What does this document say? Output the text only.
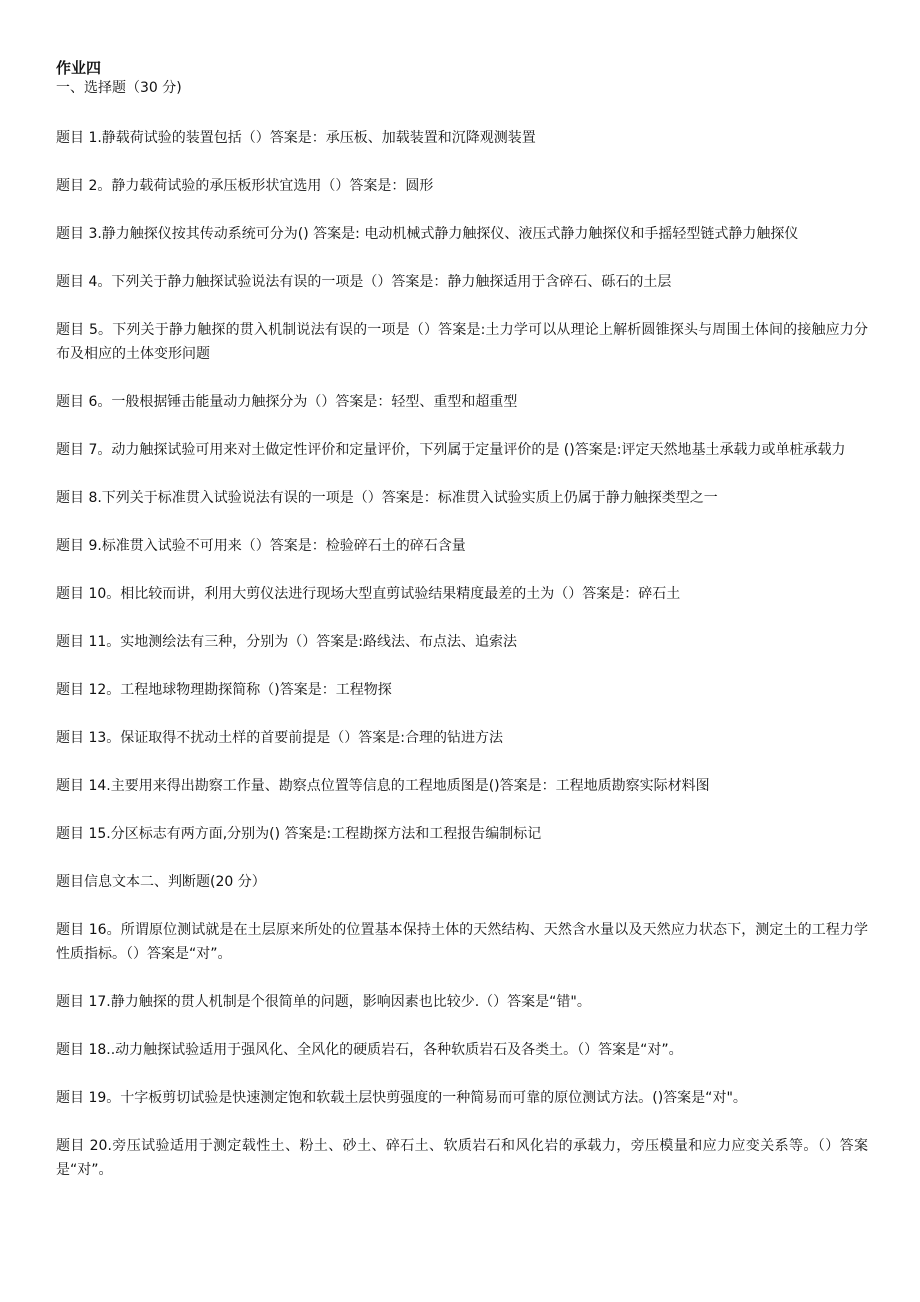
作业四

一、选择题（30 分)

题目 1.静载荷试验的装置包括（）答案是：承压板、加载装置和沉降观测装置

题目 2。静力载荷试验的承压板形状宜选用（）答案是：圆形

题目 3.静力触探仪按其传动系统可分为() 答案是: 电动机械式静力触探仪、液压式静力触探仪和手摇轻型链式静力触探仪

题目 4。下列关于静力触探试验说法有误的一项是（）答案是：静力触探适用于含碎石、砾石的土层

题目 5。下列关于静力触探的贯入机制说法有误的一项是（）答案是:土力学可以从理论上解析圆锥探头与周围土体间的接触应力分布及相应的土体变形问题

题目 6。一般根据锤击能量动力触探分为（）答案是：轻型、重型和超重型

题目 7。动力触探试验可用来对土做定性评价和定量评价，下列属于定量评价的是 ()答案是:评定天然地基土承载力或单桩承载力

题目 8.下列关于标准贯入试验说法有误的一项是（）答案是：标准贯入试验实质上仍属于静力触探类型之一

题目 9.标准贯入试验不可用来（）答案是：检验碎石土的碎石含量

题目 10。相比较而讲，利用大剪仪法进行现场大型直剪试验结果精度最差的土为（）答案是：碎石土

题目 11。实地测绘法有三种，分别为（）答案是:路线法、布点法、追索法

题目 12。工程地球物理勘探简称（)答案是：工程物探

题目 13。保证取得不扰动土样的首要前提是（）答案是:合理的钻进方法

题目 14.主要用来得出勘察工作量、勘察点位置等信息的工程地质图是()答案是：工程地质勘察实际材料图

题目 15.分区标志有两方面,分别为() 答案是:工程勘探方法和工程报告编制标记

题目信息文本二、判断题(20 分）

题目 16。所谓原位测试就是在土层原来所处的位置基本保持土体的天然结构、天然含水量以及天然应力状态下，测定土的工程力学性质指标。（）答案是“对”。

题目 17.静力触探的贯人机制是个很简单的问题，影响因素也比较少.（）答案是“错"。

题目 18..动力触探试验适用于强风化、全风化的硬质岩石，各种软质岩石及各类土。（）答案是“对”。

题目 19。十字板剪切试验是快速测定饱和软载土层快剪强度的一种简易而可靠的原位测试方法。()答案是“对"。

题目 20.旁压试验适用于测定载性土、粉土、砂土、碎石土、软质岩石和风化岩的承载力，旁压模量和应力应变关系等。（）答案是“对”。
